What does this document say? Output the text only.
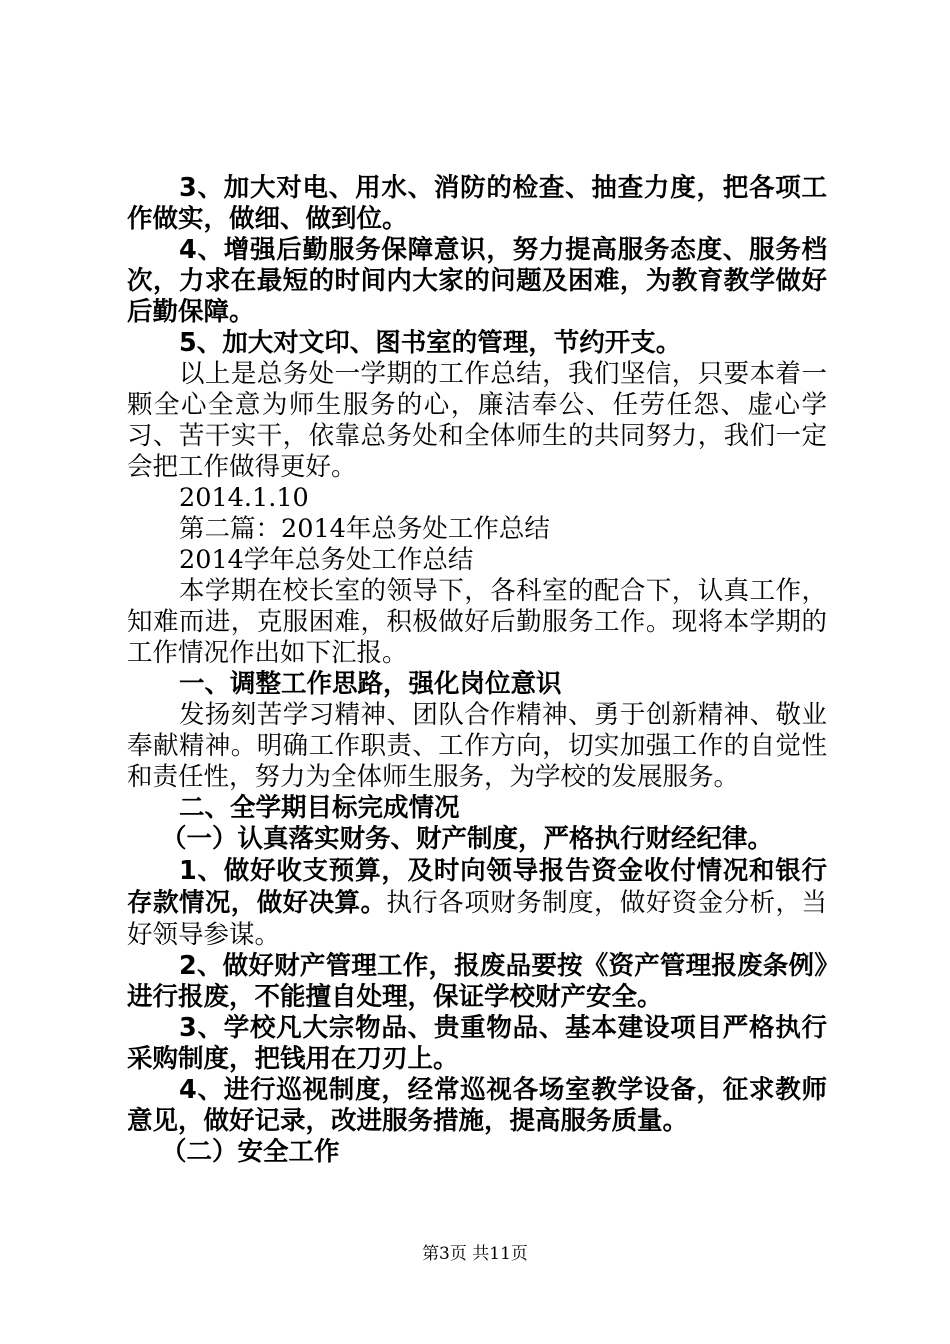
3、加大对电、用水、消防的检查、抽查力度，把各项工作做实，做细、做到位。

4、增强后勤服务保障意识，努力提高服务态度、服务档次，力求在最短的时间内大家的问题及困难，为教育教学做好后勤保障。

5、加大对文印、图书室的管理，节约开支。

以上是总务处一学期的工作总结，我们坚信，只要本着一颗全心全意为师生服务的心，廉洁奉公、任劳任怨、虚心学习、苦干实干，依靠总务处和全体师生的共同努力，我们一定会把工作做得更好。

2014.1.10

第二篇：2014年总务处工作总结

2014学年总务处工作总结

本学期在校长室的领导下，各科室的配合下，认真工作，知难而进，克服困难，积极做好后勤服务工作。现将本学期的工作情况作出如下汇报。

一、调整工作思路，强化岗位意识

发扬刻苦学习精神、团队合作精神、勇于创新精神、敬业奉献精神。明确工作职责、工作方向，切实加强工作的自觉性和责任性，努力为全体师生服务，为学校的发展服务。

二、全学期目标完成情况

（一）认真落实财务、财产制度，严格执行财经纪律。

1、做好收支预算，及时向领导报告资金收付情况和银行存款情况，做好决算。执行各项财务制度，做好资金分析，当好领导参谋。

2、做好财产管理工作，报废品要按《资产管理报废条例》进行报废，不能擅自处理，保证学校财产安全。

3、学校凡大宗物品、贵重物品、基本建设项目严格执行采购制度，把钱用在刀刃上。

4、进行巡视制度，经常巡视各场室教学设备，征求教师意见，做好记录，改进服务措施，提高服务质量。

（二）安全工作

第3页 共11页
